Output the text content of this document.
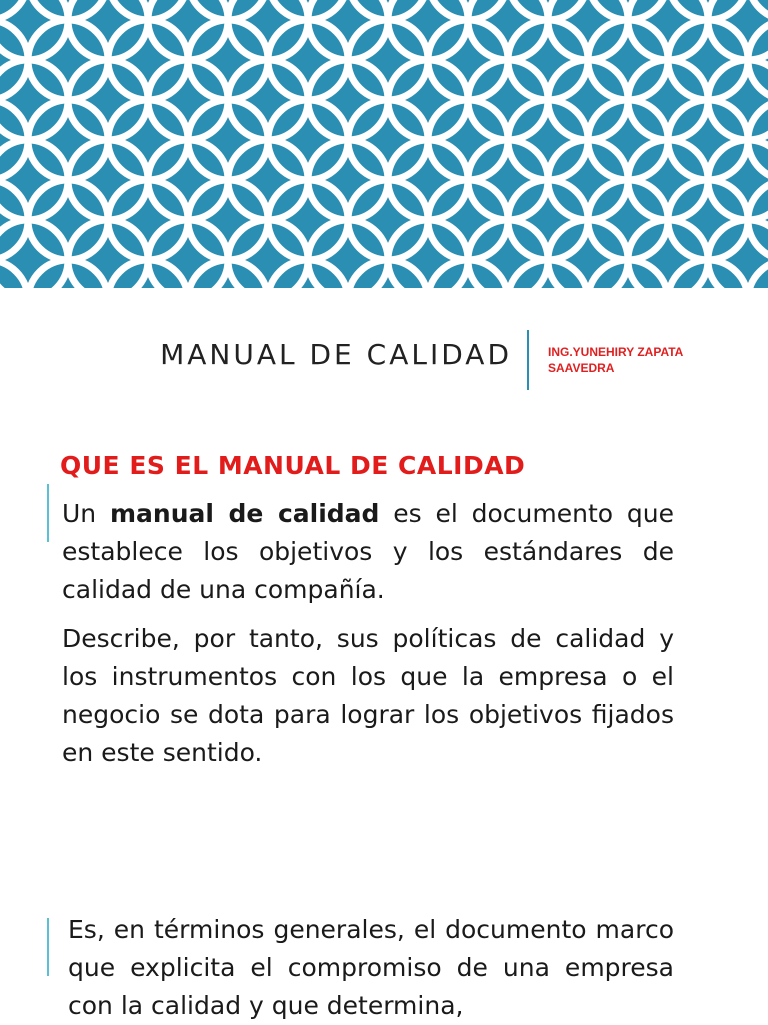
MANUAL DE CALIDAD	ING.YUNEHIRY ZAPATA SAAVEDRA
QUE ES EL MANUAL DE CALIDAD

Un manual de calidad es el documento que establece los objetivos y los estándares de calidad de una compañía.

Describe, por tanto, sus políticas de calidad y los instrumentos con los que la empresa o el negocio se dota para lograr los objetivos fijados en este sentido.

Es, en términos generales, el documento marco que explicita el compromiso de una empresa con la calidad y que determina,
